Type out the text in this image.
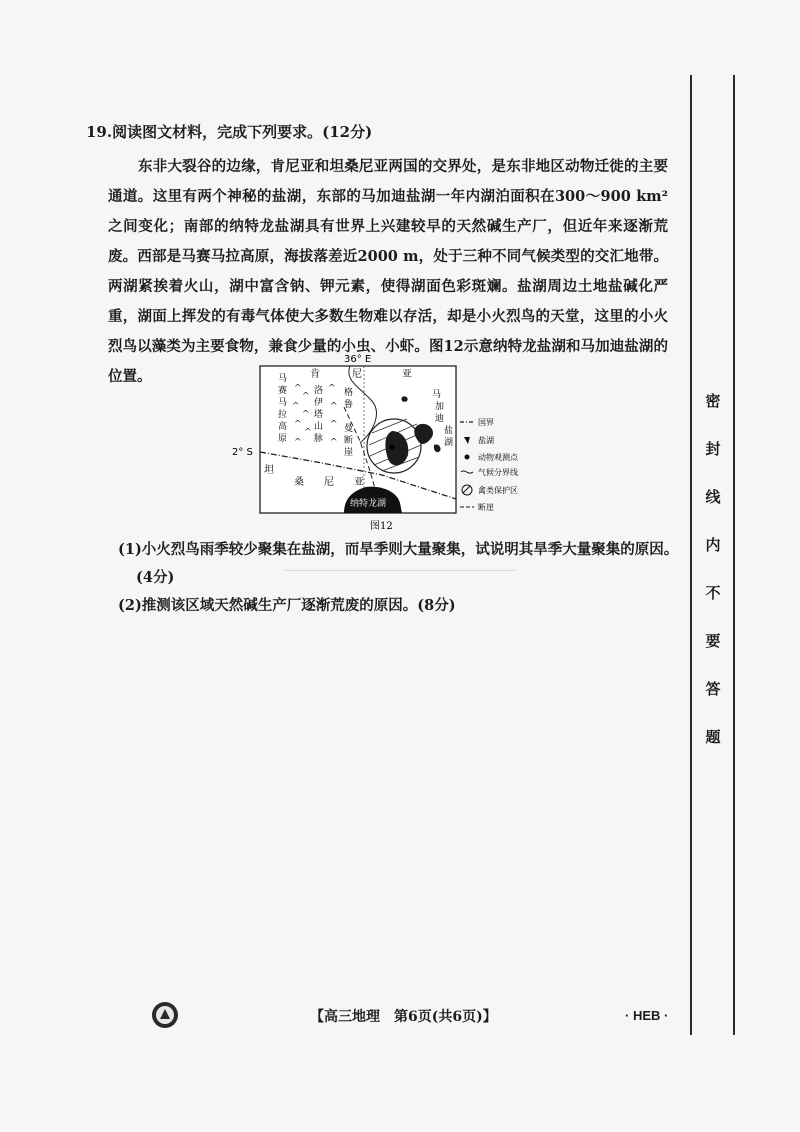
19.阅读图文材料，完成下列要求。(12分)

东非大裂谷的边缘，肯尼亚和坦桑尼亚两国的交界处，是东非地区动物迁徙的主要通道。这里有两个神秘的盐湖，东部的马加迪盐湖一年内湖泊面积在300～900 km²之间变化；南部的纳特龙盐湖具有世界上兴建较早的天然碱生产厂，但近年来逐渐荒废。西部是马赛马拉高原，海拔落差近2000 m，处于三种不同气候类型的交汇地带。两湖紧挨着火山，湖中富含钠、钾元素，使得湖面色彩斑斓。盐湖周边土地盐碱化严重，湖面上挥发的有毒气体使大多数生物难以存活，却是小火烈鸟的天堂，这里的小火烈鸟以藻类为主要食物，兼食少量的小虫、小虾。图12示意纳特龙盐湖和马加迪盐湖的位置。

36° E
2° S
纳特龙湖
肯	尼	亚
坦
桑 尼 亚
马
赛
马
拉
高
原
^
^
^
^
^
^
^
^
^
^
^
洛
伊
塔
山
脉
格
鲁
曼
断
崖
马
加
迪
盐
湖
国界
盐湖
动物观测点
气候分界线
禽类保护区
断崖
图12
(1)小火烈鸟雨季较少聚集在盐湖，而旱季则大量聚集，试说明其旱季大量聚集的原因。
(4分)
(2)推测该区域天然碱生产厂逐渐荒废的原因。(8分)
密
封
线
内
不
要
答
题
【高三地理　第6页(共6页)】	· HEB ·
